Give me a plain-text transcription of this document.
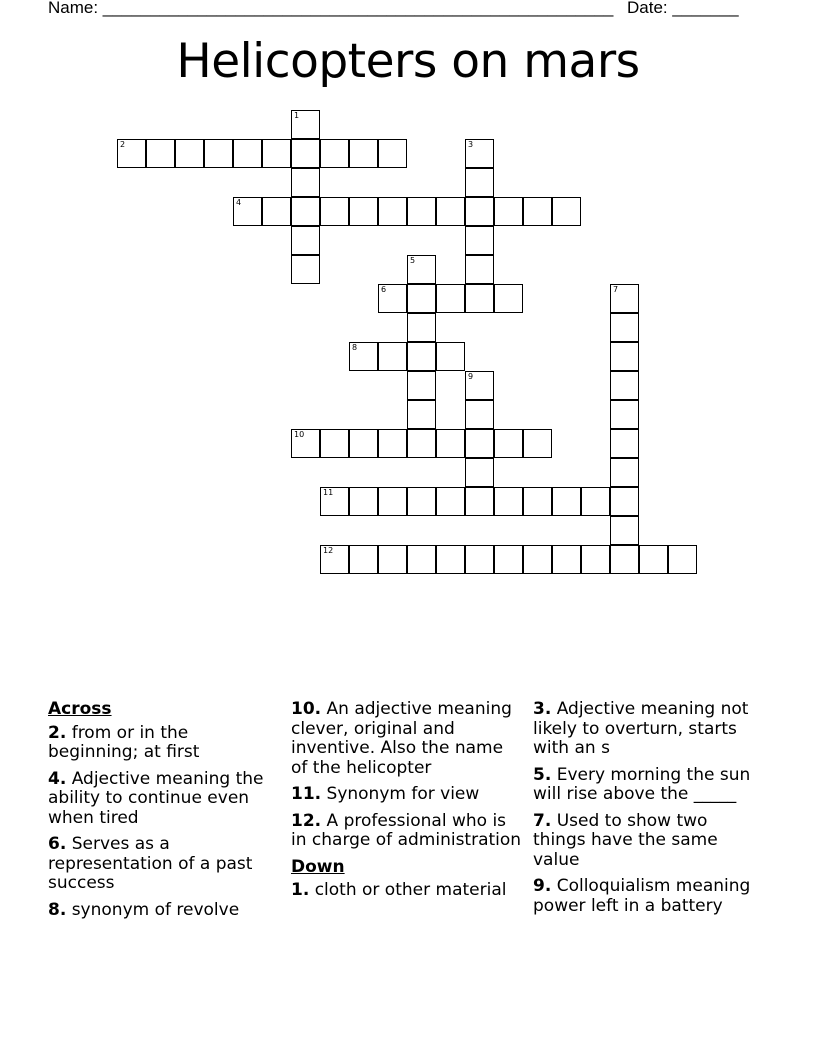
Name: ______________________________________________________ Date: _______
Helicopters on mars
1
2	3
4
5
6	7
8
9
10
11
12
Across
2. from or in the beginning; at first
4. Adjective meaning the ability to continue even when tired
6. Serves as a representation of a past success
8. synonym of revolve
10. An adjective meaning clever, original and inventive. Also the name of the helicopter
11. Synonym for view
12. A professional who is in charge of administration
Down
1. cloth or other material
3. Adjective meaning not likely to overturn, starts with an s
5. Every morning the sun will rise above the _____
7. Used to show two things have the same value
9. Colloquialism meaning power left in a battery
